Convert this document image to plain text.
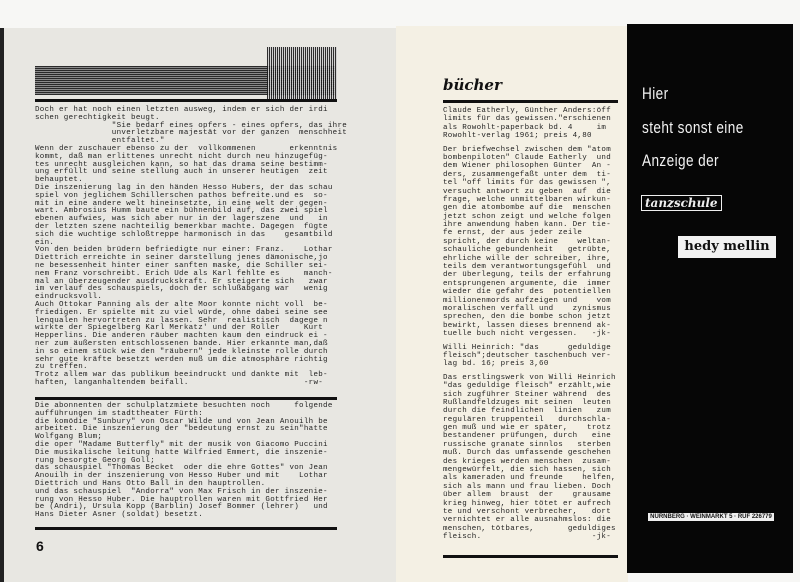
Doch er hat noch einen letzten ausweg, indem er sich der irdi
schen gerechtigkeit beugt.
"Sie bedarf eines opfers - eines opfers, das ihre
unverletzbare majestät vor der ganzen  menschheit
entfaltet."
Wenn der zuschauer ebenso zu der  vollkommenen       erkenntnis
kommt, daß man erlittenes unrecht nicht durch neu hinzugefüg-
tes unrecht ausgleichen kann, so hat das drama seine bestimm-
ung erfüllt und seine stellung auch in unserer heutigen  zeit
behauptet.
Die inszenierung lag in den händen Hesso Hubers, der das schau
spiel von jeglichem Schillerschen pathos befreite.und es  so-
mit in eine andere welt hineinsetzte, in eine welt der gegen-
wart. Ambrosius Humm baute ein bühnenbild auf, das zwei spiel
ebenen aufwies, was sich aber nur in der lagerszene  und   in
der letzten szene nachteilig bemerkbar machte. Dagegen  fügte
sich die wuchtige schloßtreppe harmonisch in das    gesamtbild
ein.
Von den beiden brüdern befriedigte nur einer: Franz.    Lothar
Diettrich erreichte in seiner darstellung jenes dämonische,jo
ne besessenheit hinter einer sanften maske, die Schiller sei-
nem Franz vorschreibt. Erich Ude als Karl fehlte es     manch-
mal an überzeugender ausdruckskraft. Er steigerte sich   zwar
im verlauf des schauspiels, doch der schlußabgang war   wenig
eindrucksvoll.
Auch Ottokar Panning als der alte Moor konnte nicht voll  be-
friedigen. Er spielte mit zu viel würde, ohne dabei seine see
lenqualen hervortreten zu lassen. Sehr  realistisch  dagege n
wirkte der Spiegelberg Karl Merkatz' und der Roller     Kurt
Hepperlins. Die anderen räuber machten kaum den eindruck ei -
ner zum äußersten entschlossenen bande. Hier erkannte man,daß
in so einem stück wie den "räubern" jede kleinste rolle durch
sehr gute kräfte besetzt werden muß um die atmosphäre richtig
zu treffen.
Trotz allem war das publikum beeindruckt und dankte mit  leb-
haften, langanhaltendem beifall.                        -rw-
Die abonnenten der schulplatzmiete besuchten noch     folgende
aufführungen im stadttheater Fürth:
die komödie "Sunbury" von Oscar Wilde und von Jean Anouilh be
arbeitet. Die inszenierung der "bedeutung ernst zu sein"hatte
Wolfgang Blum;
die oper "Madame Butterfly" mit der musik von Giacomo Puccini
Die musikalische leitung hatte Wilfried Emmert, die inszenie-
rung besorgte Georg Goll;
das schauspiel "Thomas Becket  oder die ehre Gottes" von Jean
Anouilh in der inszenierung von Hesso Huber und mit    Lothar
Diettrich und Hans Otto Ball in den hauptrollen.
und das schauspiel  "Andorra" von Max Frisch in der inszenie-
rung von Hesso Huber. Die hauptrollen waren mit Gottfried Her
be (Andri), Ursula Kopp (Barblin) Josef Bommer (lehrer)   und
Hans Dieter Asner (soldat) besetzt.
6
bücher
Claude Eatherly, Günther Anders:öff
limits für das gewissen."erschienen
als Rowohlt-paperback bd. 4     im
Rowohlt-verlag 1961; preis 4,80
Der briefwechsel zwischen dem "atom
bombenpiloten" Claude Eatherly  und
dem Wiener philosophen Günter  An -
ders, zusammengefaßt unter dem  ti-
tel "off limits für das gewissen ",
versucht antwort zu geben  auf  die
frage, welche unmittelbaren wirkun-
gen die atombombe auf die  menschen
jetzt schon zeigt und welche folgen
ihre anwendung haben kann. Der tie-
fe ernst, der aus jeder zeile
spricht, der durch keine    weltan-
schauliche gebundenheit   getrübte,
ehrliche wille der schreiber, ihre,
teils dem verantwortungsgefühl  und
der überlegung, teils der erfahrung
entsprungenen argumente, die  immer
wieder die gefahr des  potentiellen
millionenmords aufzeigen und    vom
moralischen verfall und    zynismus
sprechen, den die bombe schon jetzt
bewirkt, lassen dieses brennend ak-
tuelle buch nicht vergessen.   -jk-
Willi Heinrich: "das      geduldige
fleisch";deutscher taschenbuch ver-
lag bd. 16; preis 3,60
Das erstlingswerk von Willi Heinrich
"das geduldige fleisch" erzählt,wie
sich zugführer Steiner während  des
Rußlandfeldzuges mit seinen  leuten
durch die feindlichen  linien   zum
regulären truppenteil   durchschla-
gen muß und wie er später,    trotz
bestandener prüfungen, durch   eine
russische granate sinnlos   sterben
muß. Durch das umfassende geschehen
des krieges werden menschen  zusam-
mengewürfelt, die sich hassen, sich
als kameraden und freunde    helfen,
sich als mann und frau lieben. Doch
über allem  braust  der    grausame
krieg hinweg, hier tötet er aufrech
te und verschont verbrecher,   dort
vernichtet er alle ausnahmslos: die
menschen, tötbares,       geduldiges
fleisch.                       -jk-
Hier
steht sonst eine
Anzeige der
tanzschule
hedy mellin
NÜRNBERG · WEINMARKT 5 · RUF 226779
